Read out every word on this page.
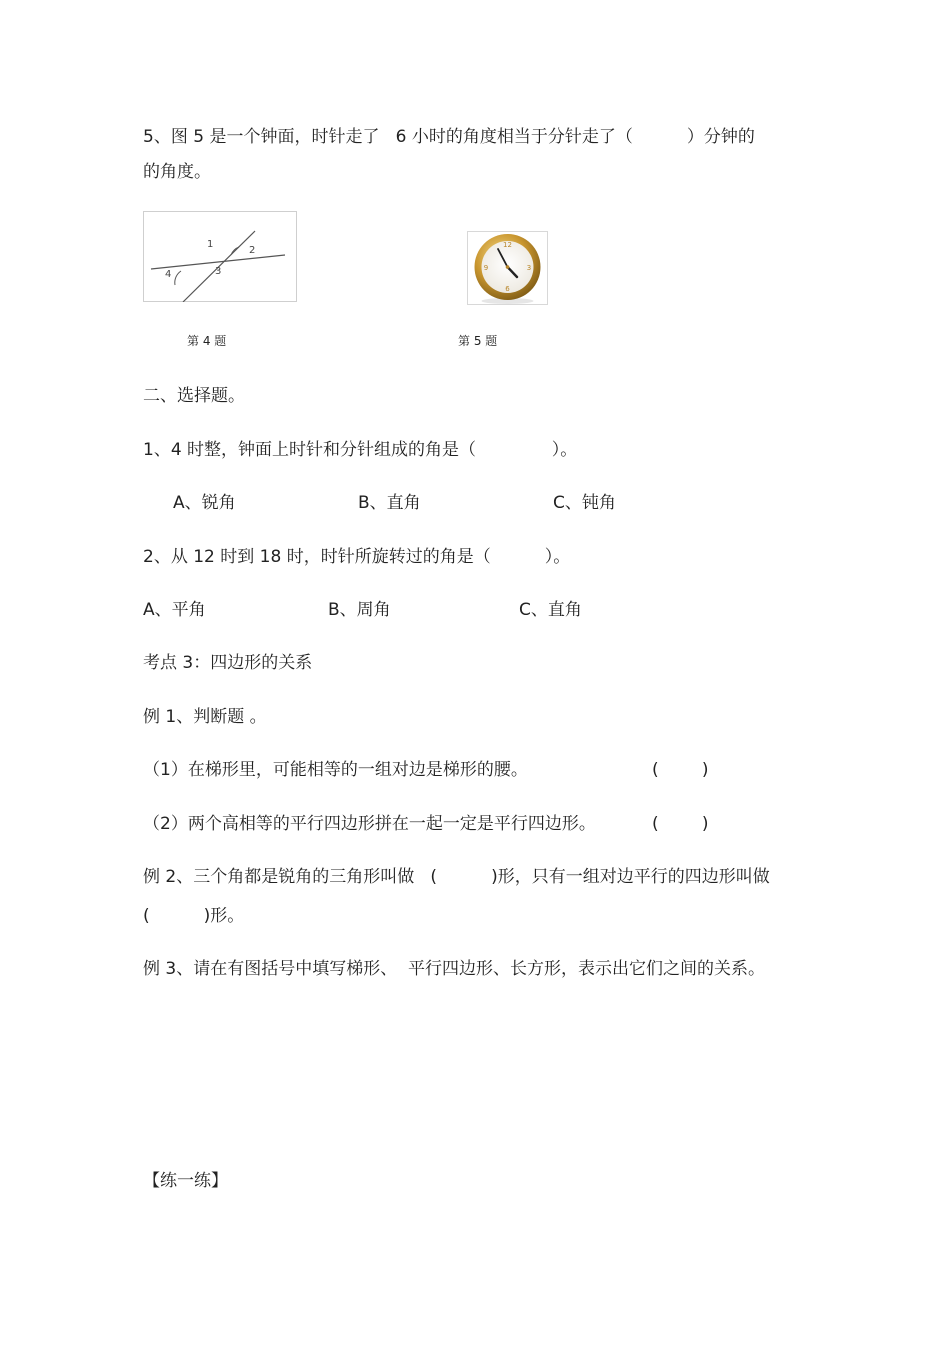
5、图 5 是一个钟面，时针走了   6 小时的角度相当于分针走了（          ）分钟的
的角度。
1
2
3
4
12
3
6
9
第 4 题	第 5 题
二、选择题。
1、4 时整，钟面上时针和分针组成的角是（              ）。
A、锐角	B、直角	C、钝角
2、从 12 时到 18 时，时针所旋转过的角是（          ）。
A、平角	B、周角	C、直角
考点 3：四边形的关系
例 1、判断题 。
（1）在梯形里，可能相等的一组对边是梯形的腰。	(        )
（2）两个高相等的平行四边形拼在一起一定是平行四边形。	(        )
例 2、三个角都是锐角的三角形叫做   (          )形，只有一组对边平行的四边形叫做
(          )形。
例 3、请在有图括号中填写梯形、  平行四边形、长方形，表示出它们之间的关系。
【练一练】
